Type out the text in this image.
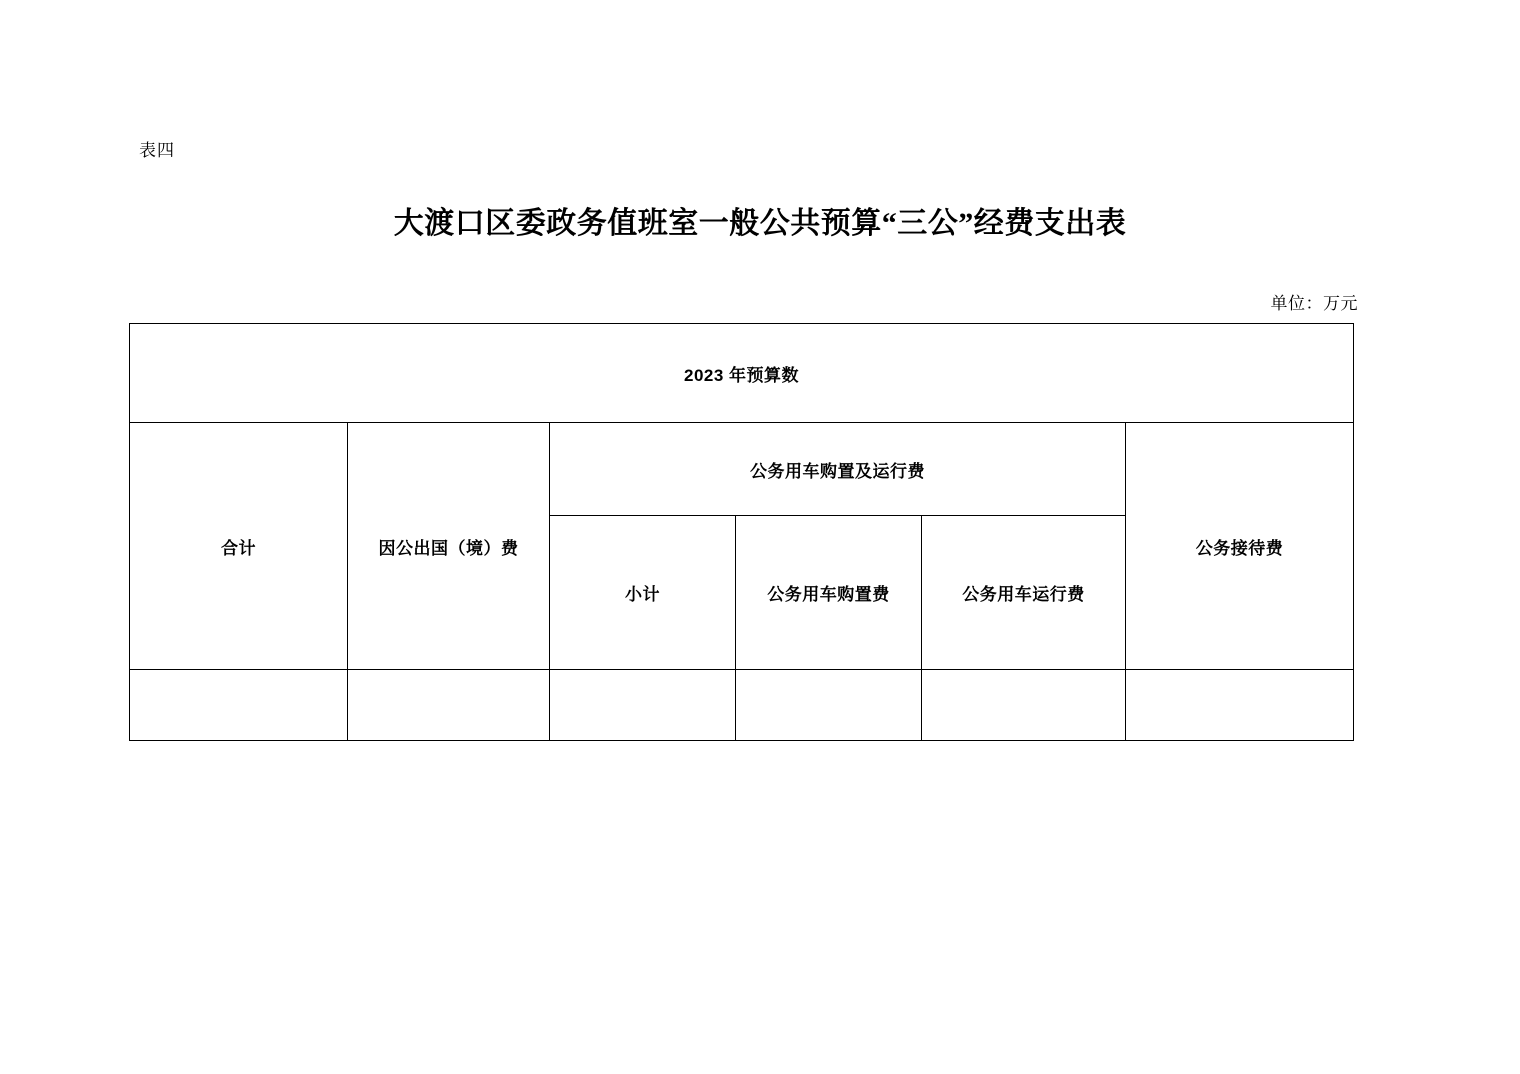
表四
大渡口区委政务值班室一般公共预算“三公”经费支出表
单位：万元
2023 年预算数					
合计	因公出国（境）费	公务用车购置及运行费			公务接待费
		小计	公务用车购置费	公务用车运行费	
